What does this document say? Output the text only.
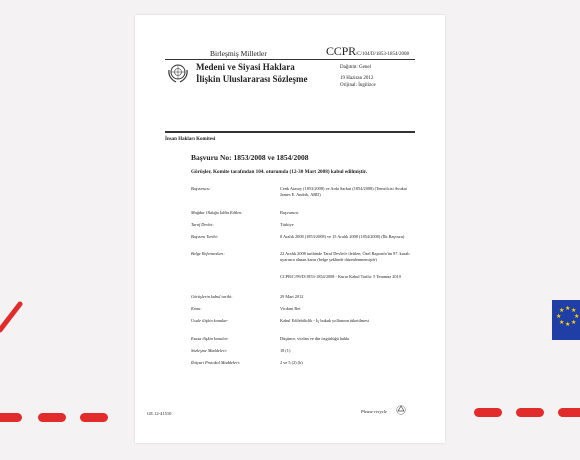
★ ★
★
★
★
★
★
★
Birleşmiş Milletler	CCPR/C/104/D/1853-1854/2008
Medeni ve Siyasi Haklara
İlişkin Uluslararası Sözleşme
Dağıtım: Genel
19 Haziran 2012
Orijinal: İngilizce
İnsan Hakları Komitesi
Başvuru No: 1853/2008 ve 1854/2008
Görüşler, Komite tarafından 104. oturumda (12-30 Mart 2008) kabul edilmiştir.
Başvurucu:	Cenk Atasoy (1853/2008) ve Arda Sarkut (1854/2008) (Temsilcisi Avukat James E. Andrik, ABD)
Mağdur Olduğu İddia Edilen:	Başvurucu
Taraf Devlet:	Türkiye
Başvuru Tarihi:	8 Aralık 2008 (1853/2008) ve 15 Aralık 2008 (1854/2008) (İlk Başvuru)
Belge Referansları:	22 Aralık 2008 tarihinde Taraf Devlet'e iletilen, Özel Raportör'ün 97. kuralı uyarınca alınan karar (belge şeklinde düzenlenmemiştir)
CCPR/C/99/D/1853-1854/2008 - Kurar Kabul Tarihi: 5 Temmuz 2010
Görüşlerin kabul tarihi:	29 Mart 2012
Konu:	Vicdani Ret
Usule ilişkin konular:	Kabul Edilebilirlik - İç hukuk yollarının tüketilmesi
Esasa ilişkin konular:	Düşünce, vicdan ve din özgürlüğü hakkı
Sözleşme Maddeleri:	18 (1)
İhtiyari Protokol Maddeleri:	2 ve 5 (2) (b)
GE.12-41510	Please recycle
